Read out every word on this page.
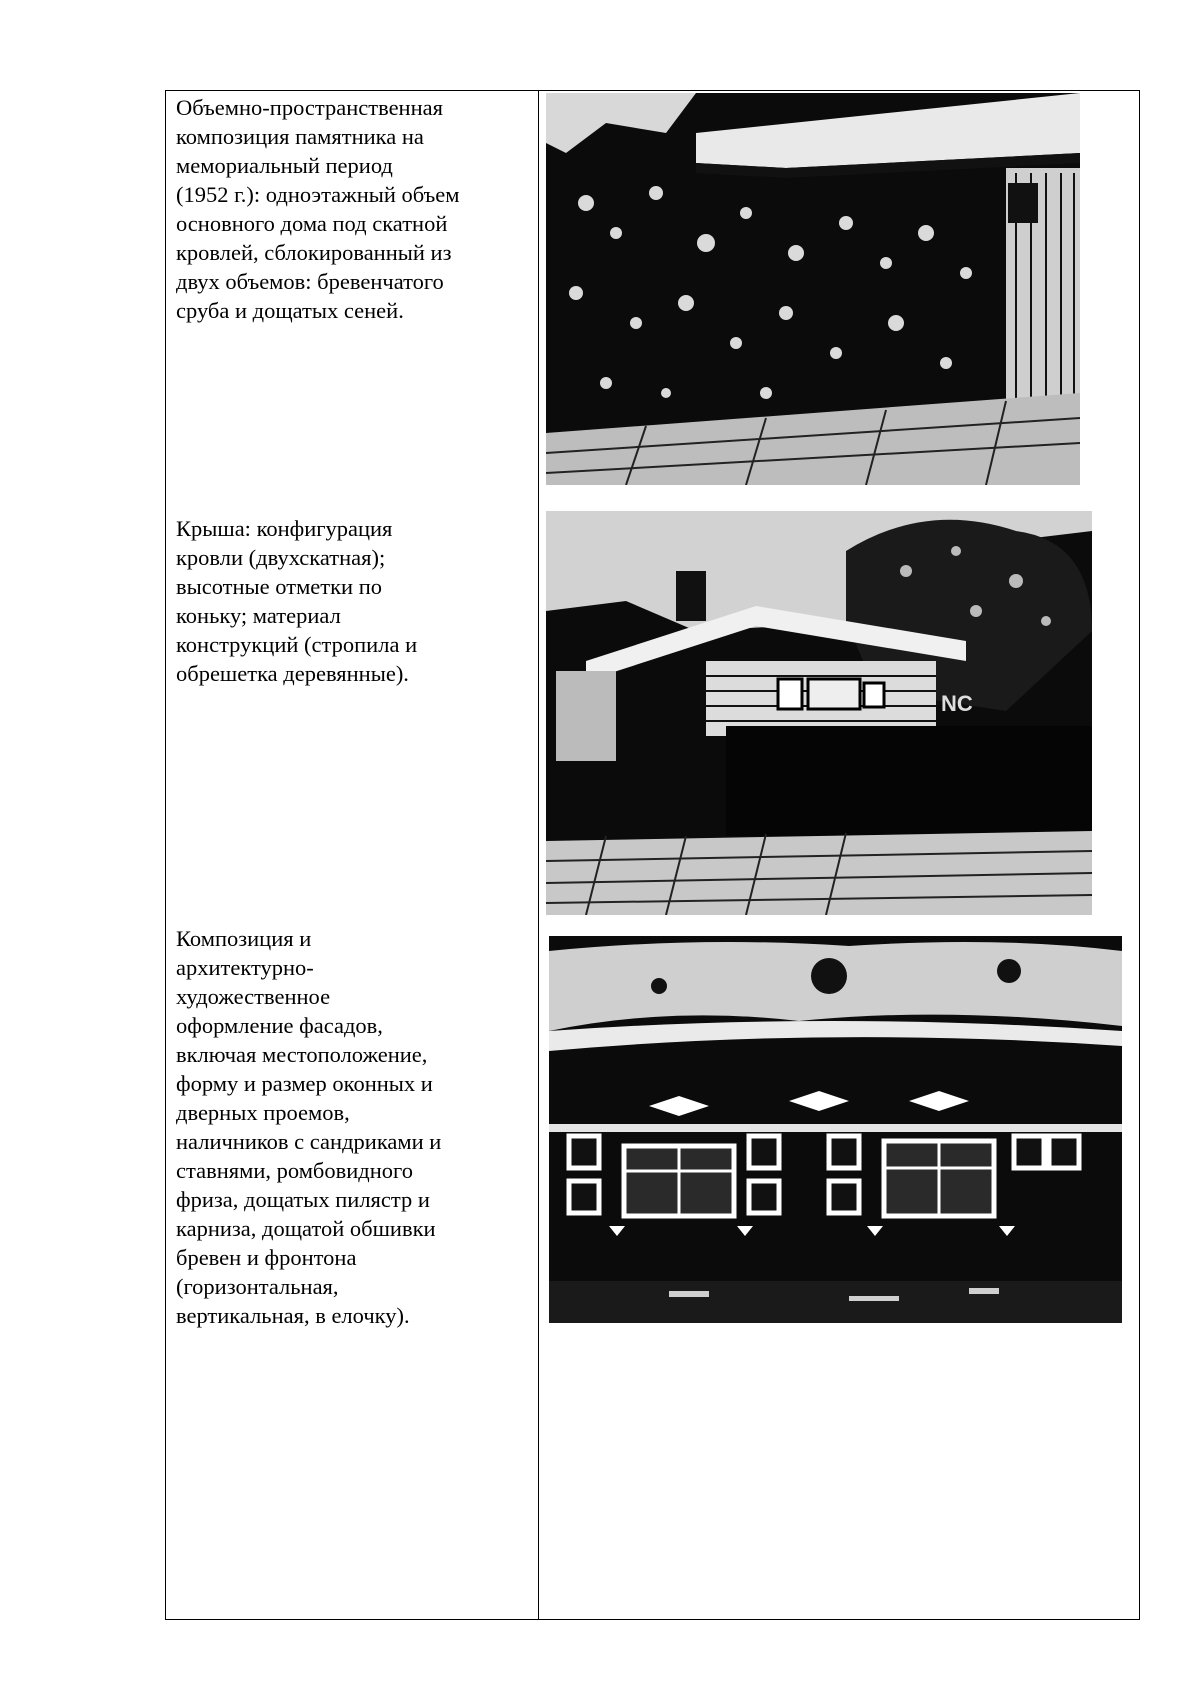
Объемно-пространственная
композиция памятника на
мемориальный период
(1952 г.): одноэтажный объем
основного дома под скатной
кровлей, сблокированный из
двух объемов: бревенчатого
сруба и дощатых сеней.
Крыша: конфигурация
кровли (двухскатная);
высотные отметки по
коньку; материал
конструкций (стропила и
обрешетка деревянные).
NC
Композиция и
архитектурно-
художественное
оформление фасадов,
включая местоположение,
форму и размер оконных и
дверных проемов,
наличников с сандриками и
ставнями, ромбовидного
фриза, дощатых пилястр и
карниза, дощатой обшивки
бревен и фронтона
(горизонтальная,
вертикальная, в елочку).
